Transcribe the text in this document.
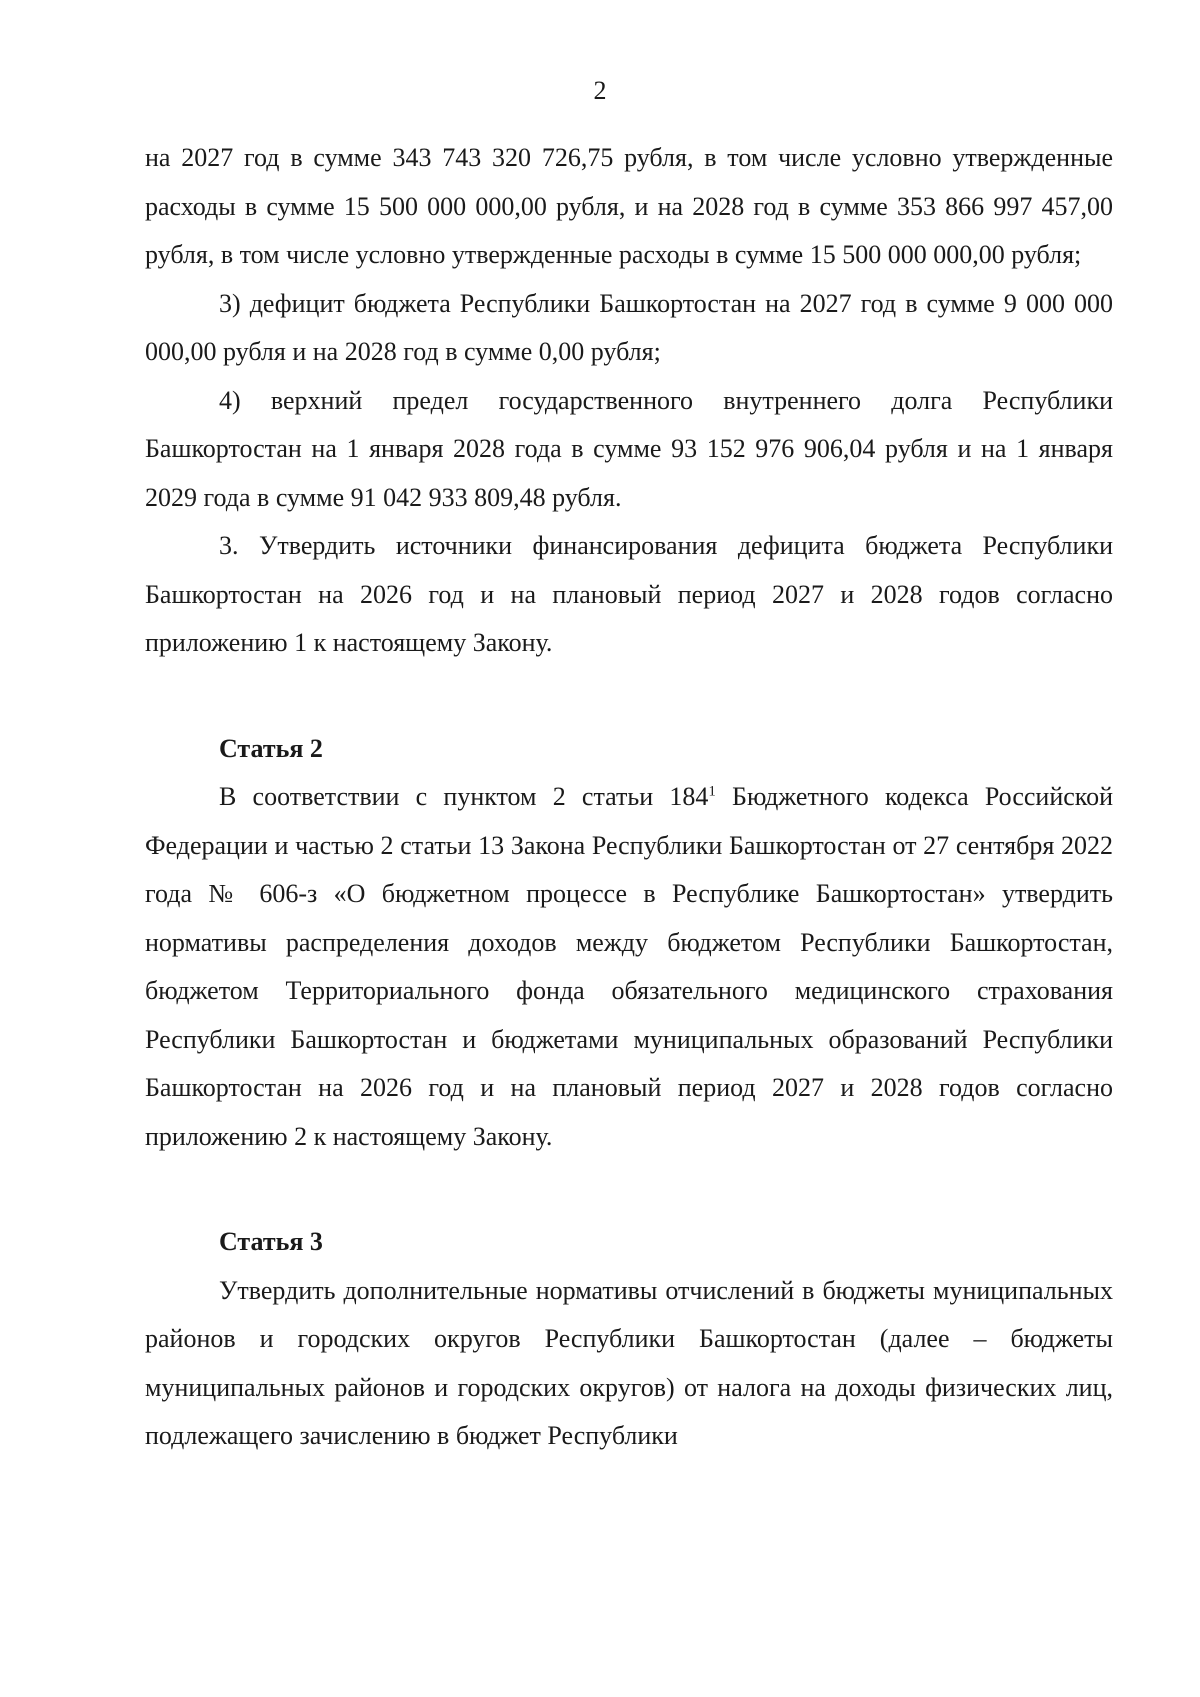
2

на 2027 год в сумме 343 743 320 726,75 рубля, в том числе условно утвержденные расходы в сумме 15 500 000 000,00 рубля, и на 2028 год в сумме 353 866 997 457,00 рубля, в том числе условно утвержденные расходы в сумме 15 500 000 000,00 рубля;

3) дефицит бюджета Республики Башкортостан на 2027 год в сумме 9 000 000 000,00 рубля и на 2028 год в сумме 0,00 рубля;

4) верхний предел государственного внутреннего долга Республики Башкортостан на 1 января 2028 года в сумме 93 152 976 906,04 рубля и на 1 января 2029 года в сумме 91 042 933 809,48 рубля.

3. Утвердить источники финансирования дефицита бюджета Республики Башкортостан на 2026 год и на плановый период 2027 и 2028 годов согласно приложению 1 к настоящему Закону.

Статья 2

В соответствии с пунктом 2 статьи $184^1$ Бюджетного кодекса Российской Федерации и частью 2 статьи 13 Закона Республики Башкортостан от 27 сентября 2022 года № 606-з «О бюджетном процессе в Республике Башкортостан» утвердить нормативы распределения доходов между бюджетом Республики Башкортостан, бюджетом Территориального фонда обязательного медицинского страхования Республики Башкортостан и бюджетами муниципальных образований Республики Башкортостан на 2026 год и на плановый период 2027 и 2028 годов согласно приложению 2 к настоящему Закону.

Статья 3

Утвердить дополнительные нормативы отчислений в бюджеты муниципальных районов и городских округов Республики Башкортостан (далее – бюджеты муниципальных районов и городских округов) от налога на доходы физических лиц, подлежащего зачислению в бюджет Республики
